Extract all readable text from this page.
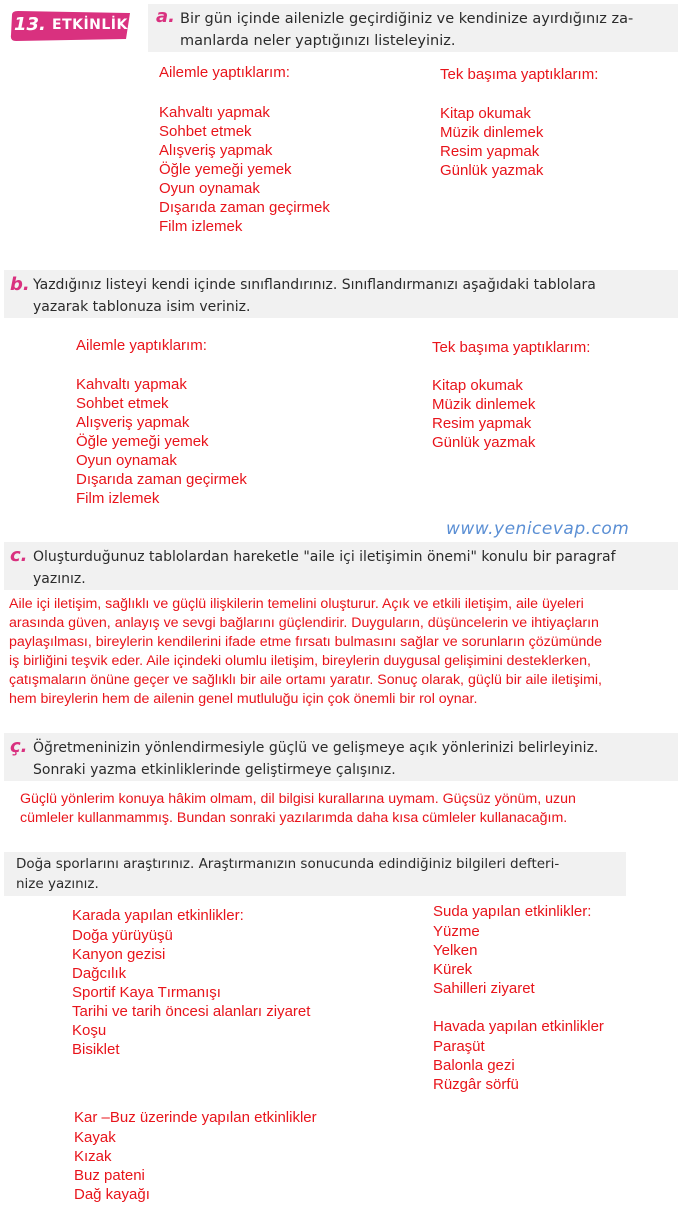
13. ETKİNLİK a. Bir gün içinde ailenizle geçirdiğiniz ve kendinize ayırdığınız za-
manlarda neler yaptığınızı listeleyiniz.
Ailemle yaptıklarım:
Kahvaltı yapmak
Sohbet etmek
Alışveriş yapmak
Öğle yemeği yemek
Oyun oynamak
Dışarıda zaman geçirmek
Film izlemek
Tek başıma yaptıklarım:
Kitap okumak
Müzik dinlemek
Resim yapmak
Günlük yazmak
b. Yazdığınız listeyi kendi içinde sınıflandırınız. Sınıflandırmanızı aşağıdaki tablolara
yazarak tablonuza isim veriniz.
Ailemle yaptıklarım:
Kahvaltı yapmak
Sohbet etmek
Alışveriş yapmak
Öğle yemeği yemek
Oyun oynamak
Dışarıda zaman geçirmek
Film izlemek
Tek başıma yaptıklarım:
Kitap okumak
Müzik dinlemek
Resim yapmak
Günlük yazmak
www.yenicevap.com
c. Oluşturduğunuz tablolardan hareketle "aile içi iletişimin önemi" konulu bir paragraf
yazınız.
Aile içi iletişim, sağlıklı ve güçlü ilişkilerin temelini oluşturur. Açık ve etkili iletişim, aile üyeleri
arasında güven, anlayış ve sevgi bağlarını güçlendirir. Duyguların, düşüncelerin ve ihtiyaçların
paylaşılması, bireylerin kendilerini ifade etme fırsatı bulmasını sağlar ve sorunların çözümünde
iş birliğini teşvik eder. Aile içindeki olumlu iletişim, bireylerin duygusal gelişimini desteklerken,
çatışmaların önüne geçer ve sağlıklı bir aile ortamı yaratır. Sonuç olarak, güçlü bir aile iletişimi,
hem bireylerin hem de ailenin genel mutluluğu için çok önemli bir rol oynar.
ç. Öğretmeninizin yönlendirmesiyle güçlü ve gelişmeye açık yönlerinizi belirleyiniz.
Sonraki yazma etkinliklerinde geliştirmeye çalışınız.
Güçlü yönlerim konuya hâkim olmam, dil bilgisi kurallarına uymam. Güçsüz yönüm, uzun
cümleler kullanmammış. Bundan sonraki yazılarımda daha kısa cümleler kullanacağım.
Doğa sporlarını araştırınız. Araştırmanızın sonucunda edindiğiniz bilgileri defteri-
nize yazınız.
Karada yapılan etkinlikler:
Doğa yürüyüşü
Kanyon gezisi
Dağcılık
Sportif Kaya Tırmanışı
Tarihi ve tarih öncesi alanları ziyaret
Koşu
Bisiklet
Suda yapılan etkinlikler:
Yüzme
Yelken
Kürek
Sahilleri ziyaret
Havada yapılan etkinlikler
Paraşüt
Balonla gezi
Rüzgâr sörfü
Kar –Buz üzerinde yapılan etkinlikler
Kayak
Kızak
Buz pateni
Dağ kayağı
